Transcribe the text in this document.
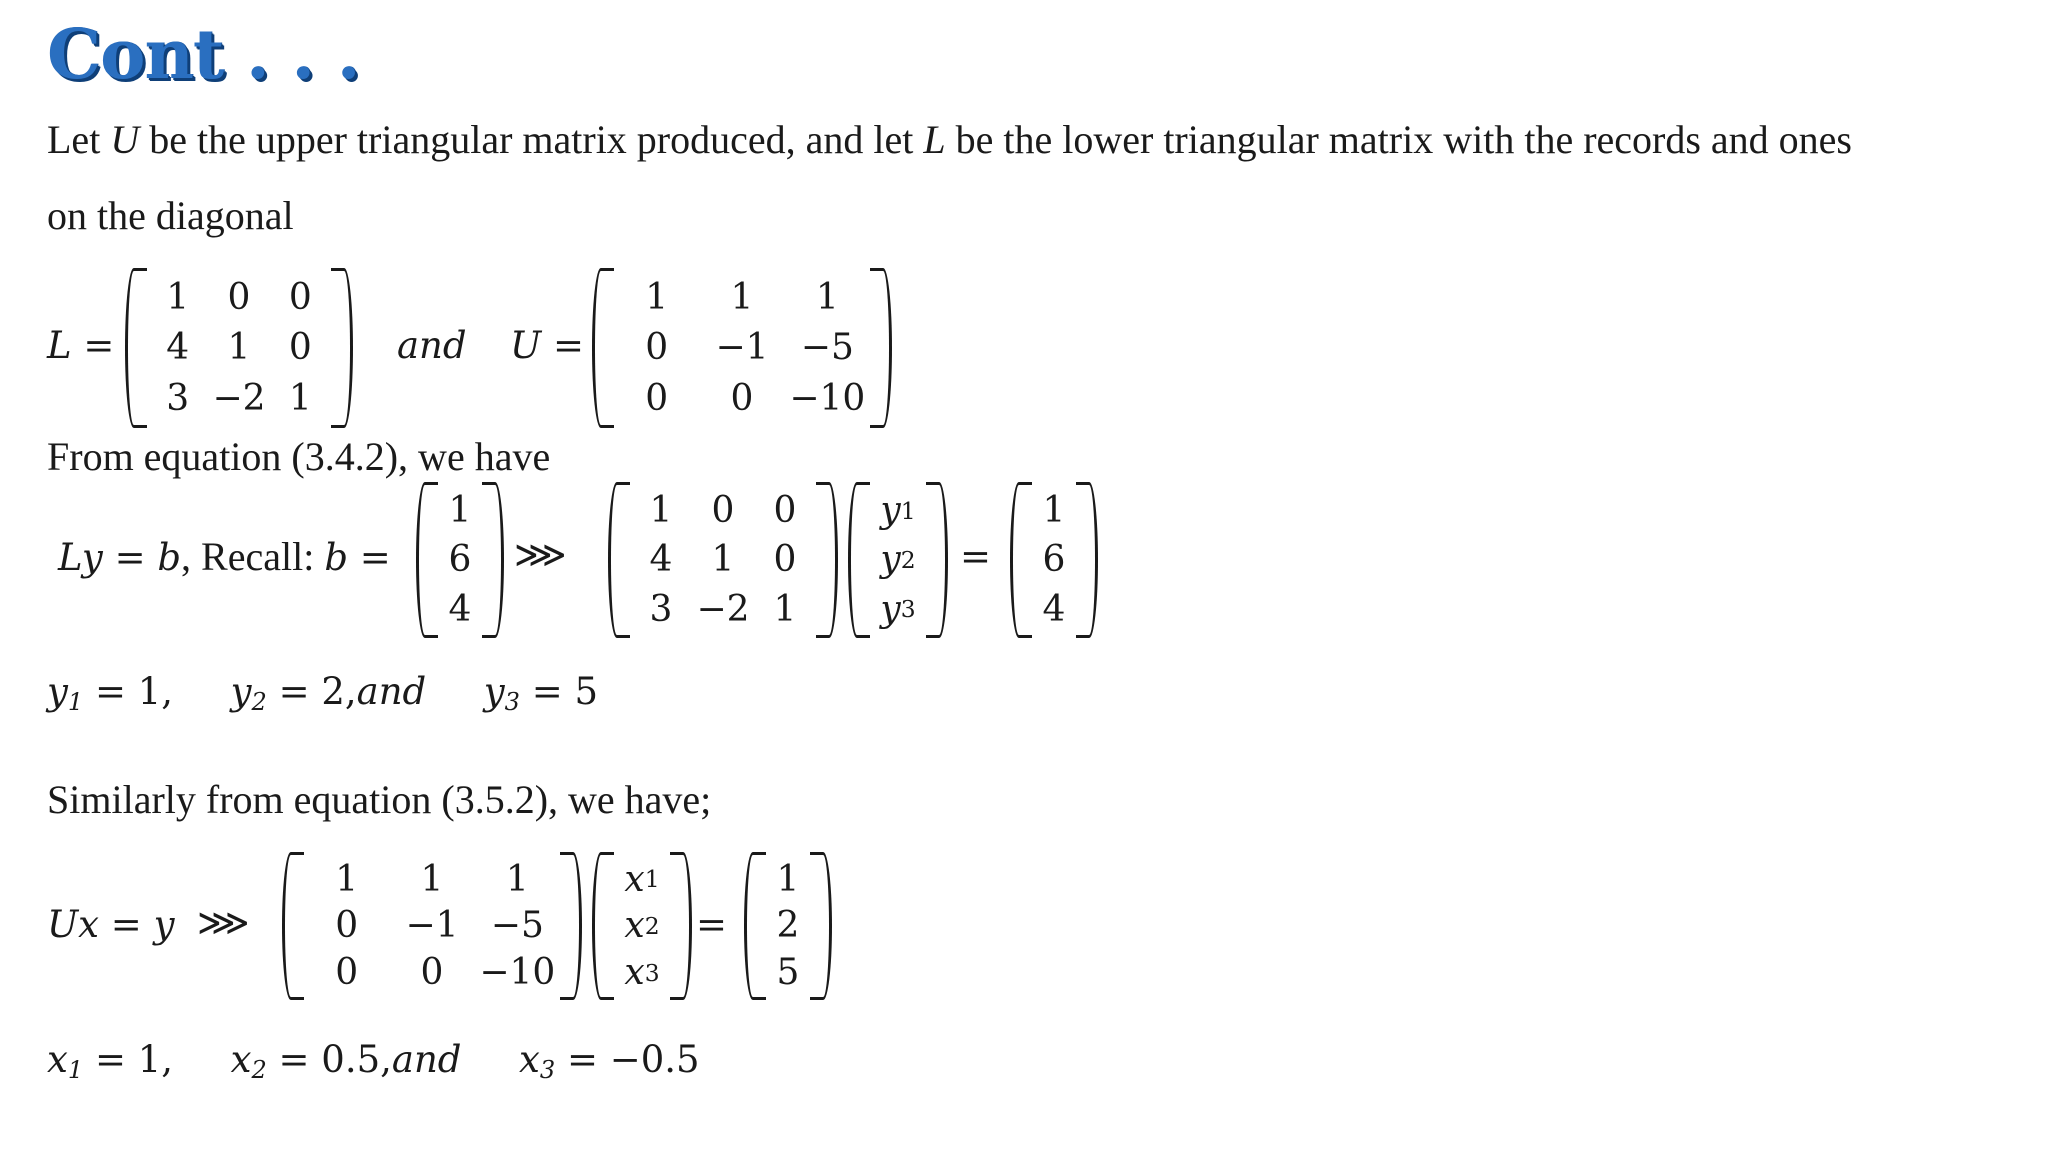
Cont . . .
Let U be the upper triangular matrix produced, and let L be the lower triangular matrix with the records and ones
on the diagonal
L =
1	0	0
4	1	0
3 −2 1
and U =
1	1	1
0	−1 −5
0	0 −10
From equation (3.4.2), we have
Ly = b, Recall: b =
1
6
4
⋙
1	0	0
4	1	0
3 −2 1
y 1
y 2
y 3
=
1
6
4
$y_1 = 1$, $y_2 = 2,and$ $y_3 = 5$
Similarly from equation (3.5.2), we have;
Ux = y ⋙
1	1	1
0	−1 −5
0	0 −10
x 1
x 2
x 3
=
1
2
5
$x_1 = 1$, $x_2 = 0.5,and$ $x_3 = -0.5$
